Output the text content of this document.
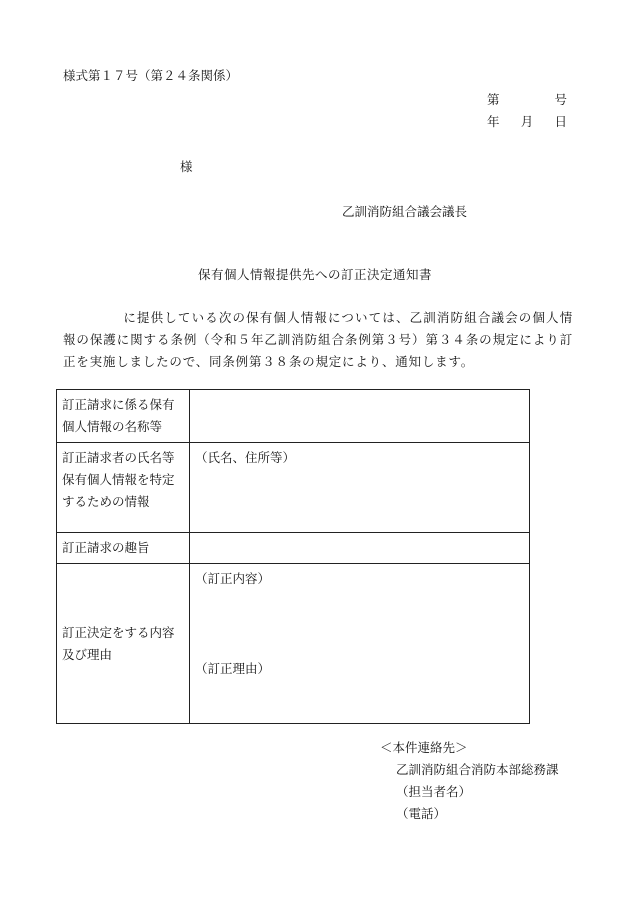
様式第１７号（第２４条関係）
第	号
年 月 日
様
乙訓消防組合議会議長
保有個人情報提供先への訂正決定通知書

に提供している次の保有個人情報については、乙訓消防組合議会の個人情報の保護に関する条例（令和５年乙訓消防組合条例第３号）第３４条の規定により訂正を実施しましたので、同条例第３８条の規定により、通知します。

訂正請求に係る保有個人情報の名称等	
訂正請求者の氏名等保有個人情報を特定するための情報	（氏名、住所等）
訂正請求の趣旨	
訂正決定をする内容及び理由	（訂正内容）
（訂正理由）
＜本件連絡先＞
乙訓消防組合消防本部総務課
（担当者名）
（電話）
